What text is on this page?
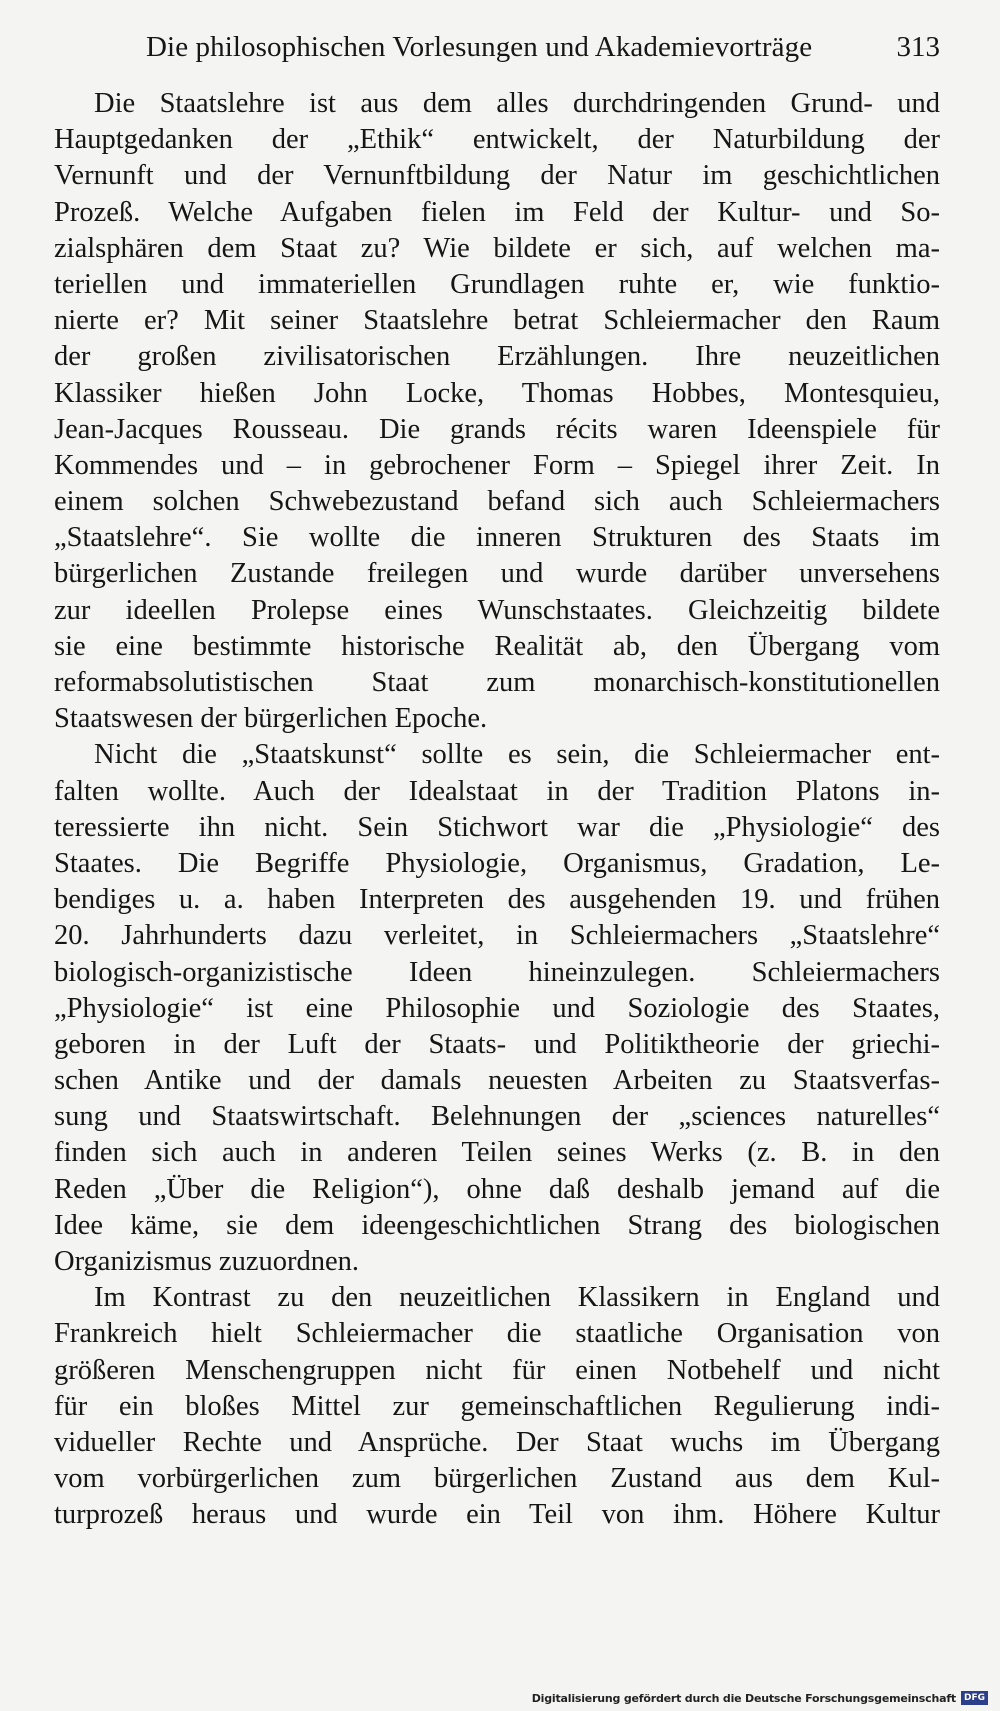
Die philosophischen Vorlesungen und Akademievorträge	313
Die Staatslehre ist aus dem alles durchdringenden Grund- und
Hauptgedanken der „Ethik“ entwickelt, der Naturbildung der
Vernunft und der Vernunftbildung der Natur im geschichtlichen
Prozeß. Welche Aufgaben fielen im Feld der Kultur- und So-
zialsphären dem Staat zu? Wie bildete er sich, auf welchen ma-
teriellen und immateriellen Grundlagen ruhte er, wie funktio-
nierte er? Mit seiner Staatslehre betrat Schleiermacher den Raum
der großen zivilisatorischen Erzählungen. Ihre neuzeitlichen
Klassiker hießen John Locke, Thomas Hobbes, Montesquieu,
Jean-Jacques Rousseau. Die grands récits waren Ideenspiele für
Kommendes und – in gebrochener Form – Spiegel ihrer Zeit. In
einem solchen Schwebezustand befand sich auch Schleiermachers
„Staatslehre“. Sie wollte die inneren Strukturen des Staats im
bürgerlichen Zustande freilegen und wurde darüber unversehens
zur ideellen Prolepse eines Wunschstaates. Gleichzeitig bildete
sie eine bestimmte historische Realität ab, den Übergang vom
reformabsolutistischen Staat zum monarchisch-konstitutionellen
Staatswesen der bürgerlichen Epoche.
Nicht die „Staatskunst“ sollte es sein, die Schleiermacher ent-
falten wollte. Auch der Idealstaat in der Tradition Platons in-
teressierte ihn nicht. Sein Stichwort war die „Physiologie“ des
Staates. Die Begriffe Physiologie, Organismus, Gradation, Le-
bendiges u. a. haben Interpreten des ausgehenden 19. und frühen
20. Jahrhunderts dazu verleitet, in Schleiermachers „Staatslehre“
biologisch-organizistische Ideen hineinzulegen. Schleiermachers
„Physiologie“ ist eine Philosophie und Soziologie des Staates,
geboren in der Luft der Staats- und Politiktheorie der griechi-
schen Antike und der damals neuesten Arbeiten zu Staatsverfas-
sung und Staatswirtschaft. Belehnungen der „sciences naturelles“
finden sich auch in anderen Teilen seines Werks (z. B. in den
Reden „Über die Religion“), ohne daß deshalb jemand auf die
Idee käme, sie dem ideengeschichtlichen Strang des biologischen
Organizismus zuzuordnen.
Im Kontrast zu den neuzeitlichen Klassikern in England und
Frankreich hielt Schleiermacher die staatliche Organisation von
größeren Menschengruppen nicht für einen Notbehelf und nicht
für ein bloßes Mittel zur gemeinschaftlichen Regulierung indi-
vidueller Rechte und Ansprüche. Der Staat wuchs im Übergang
vom vorbürgerlichen zum bürgerlichen Zustand aus dem Kul-
turprozeß heraus und wurde ein Teil von ihm. Höhere Kultur
Digitalisierung gefördert durch die Deutsche Forschungsgemeinschaft DFG
